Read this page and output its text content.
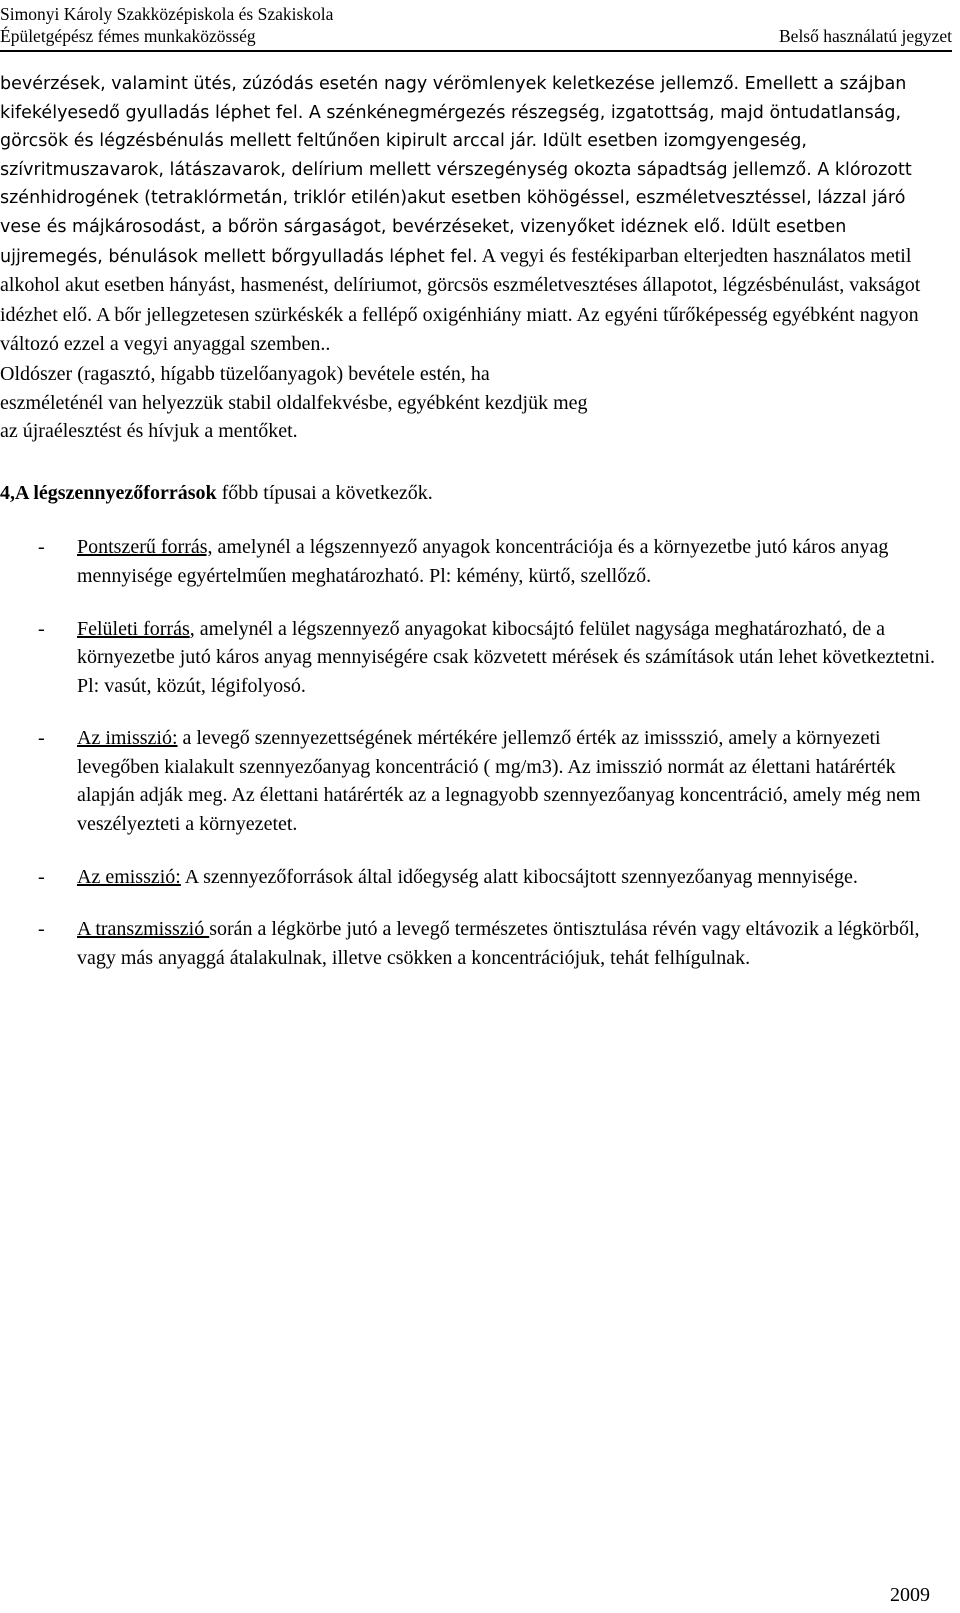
Simonyi Károly Szakközépiskola és Szakiskola
Épületgépész fémes munkaközösség	Belső használatú jegyzet

bevérzések, valamint ütés, zúzódás esetén nagy vérömlenyek keletkezése jellemző. Emellett a szájban kifekélyesedő gyulladás léphet fel. A szénkénegmérgezés részegség, izgatottság, majd öntudatlanság, görcsök és légzésbénulás mellett feltűnően kipirult arccal jár. Idült esetben izomgyengeség, szívritmuszavarok, látászavarok, delírium mellett vérszegénység okozta sápadtság jellemző. A klórozott szénhidrogének (tetraklórmetán, triklór etilén)akut esetben köhögéssel, eszméletvesztéssel, lázzal járó vese és májkárosodást, a bőrön sárgaságot, bevérzéseket, vizenyőket idéznek elő. Idült esetben ujjremegés, bénulások mellett bőrgyulladás léphet fel. A vegyi és festékiparban elterjedten használatos metil alkohol akut esetben hányást, hasmenést, delíriumot, görcsös eszméletvesztéses állapotot, légzésbénulást, vakságot idézhet elő. A bőr jellegzetesen szürkéskék a fellépő oxigénhiány miatt. Az egyéni tűrőképesség egyébként nagyon változó ezzel a vegyi anyaggal szemben..

Oldószer (ragasztó, hígabb tüzelőanyagok) bevétele estén, ha

eszméleténél van helyezzük stabil oldalfekvésbe, egyébként kezdjük meg

az újraélesztést és hívjuk a mentőket.

4,A légszennyezőforrások főbb típusai a következők.

- Pontszerű forrás, amelynél a légszennyező anyagok koncentrációja és a környezetbe jutó káros anyag mennyisége egyértelműen meghatározható. Pl: kémény, kürtő, szellőző.
- Felületi forrás, amelynél a légszennyező anyagokat kibocsájtó felület nagysága meghatározható, de a környezetbe jutó káros anyag mennyiségére csak közvetett mérések és számítások után lehet következtetni. Pl: vasút, közút, légifolyosó.
- Az imisszió: a levegő szennyezettségének mértékére jellemző érték az imissszió, amely a környezeti levegőben kialakult szennyezőanyag koncentráció ( mg/m3). Az imisszió normát az élettani határérték alapján adják meg. Az élettani határérték az a legnagyobb szennyezőanyag koncentráció, amely még nem veszélyezteti a környezetet.
- Az emisszió: A szennyezőforrások által időegység alatt kibocsájtott szennyezőanyag mennyisége.
- A transzmisszió során a légkörbe jutó a levegő természetes öntisztulása révén vagy eltávozik a légkörből, vagy más anyaggá átalakulnak, illetve csökken a koncentrációjuk, tehát felhígulnak.
2009
